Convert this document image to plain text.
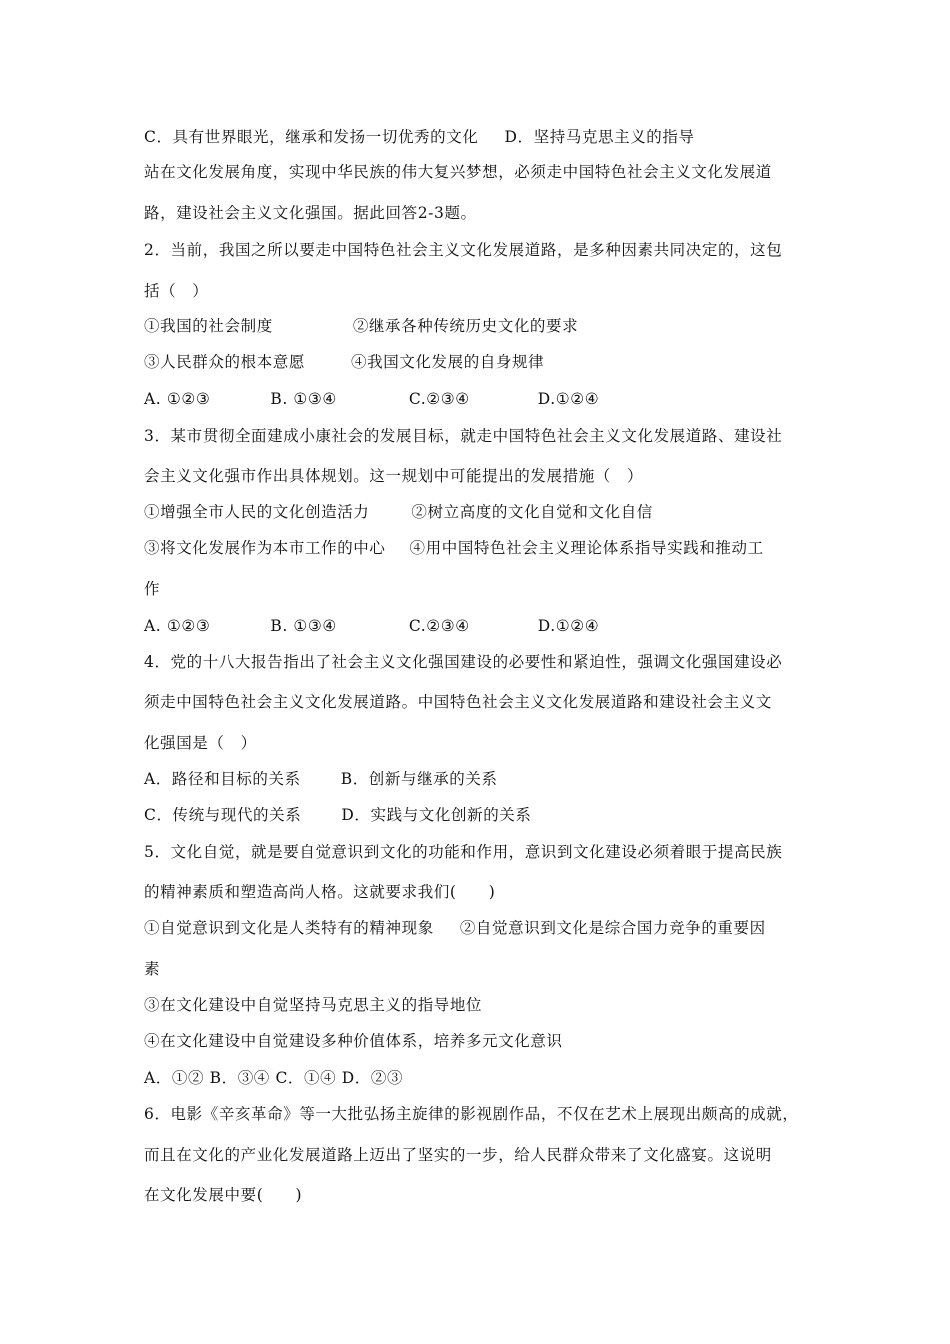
C．具有世界眼光，继承和发扬一切优秀的文化 D．坚持马克思主义的指导
站在文化发展角度，实现中华民族的伟大复兴梦想，必须走中国特色社会主义文化发展道
路，建设社会主义文化强国。据此回答2-3题。
2．当前，我国之所以要走中国特色社会主义文化发展道路，是多种因素共同决定的，这包
括（　）
①我国的社会制度	②继承各种传统历史文化的要求
③人民群众的根本意愿	④我国文化发展的自身规律
A. ①②③	B. ①③④	C.②③④	D.①②④
3．某市贯彻全面建成小康社会的发展目标，就走中国特色社会主义文化发展道路、建设社
会主义文化强市作出具体规划。这一规划中可能提出的发展措施（　）
①增强全市人民的文化创造活力	②树立高度的文化自觉和文化自信
③将文化发展作为本市工作的中心 ④用中国特色社会主义理论体系指导实践和推动工
作
A. ①②③	B. ①③④	C.②③④	D.①②④
4．党的十八大报告指出了社会主义文化强国建设的必要性和紧迫性，强调文化强国建设必
须走中国特色社会主义文化发展道路。中国特色社会主义文化发展道路和建设社会主义文
化强国是（　）
A．路径和目标的关系	B．创新与继承的关系
C．传统与现代的关系	D．实践与文化创新的关系
5．文化自觉，就是要自觉意识到文化的功能和作用，意识到文化建设必须着眼于提高民族
的精神素质和塑造高尚人格。这就要求我们(　　)
①自觉意识到文化是人类特有的精神现象 ②自觉意识到文化是综合国力竞争的重要因
素
③在文化建设中自觉坚持马克思主义的指导地位
④在文化建设中自觉建设多种价值体系，培养多元文化意识
A．①② B．③④ C．①④ D．②③
6．电影《辛亥革命》等一大批弘扬主旋律的影视剧作品，不仅在艺术上展现出颇高的成就，
而且在文化的产业化发展道路上迈出了坚实的一步，给人民群众带来了文化盛宴。这说明
在文化发展中要(　　)
